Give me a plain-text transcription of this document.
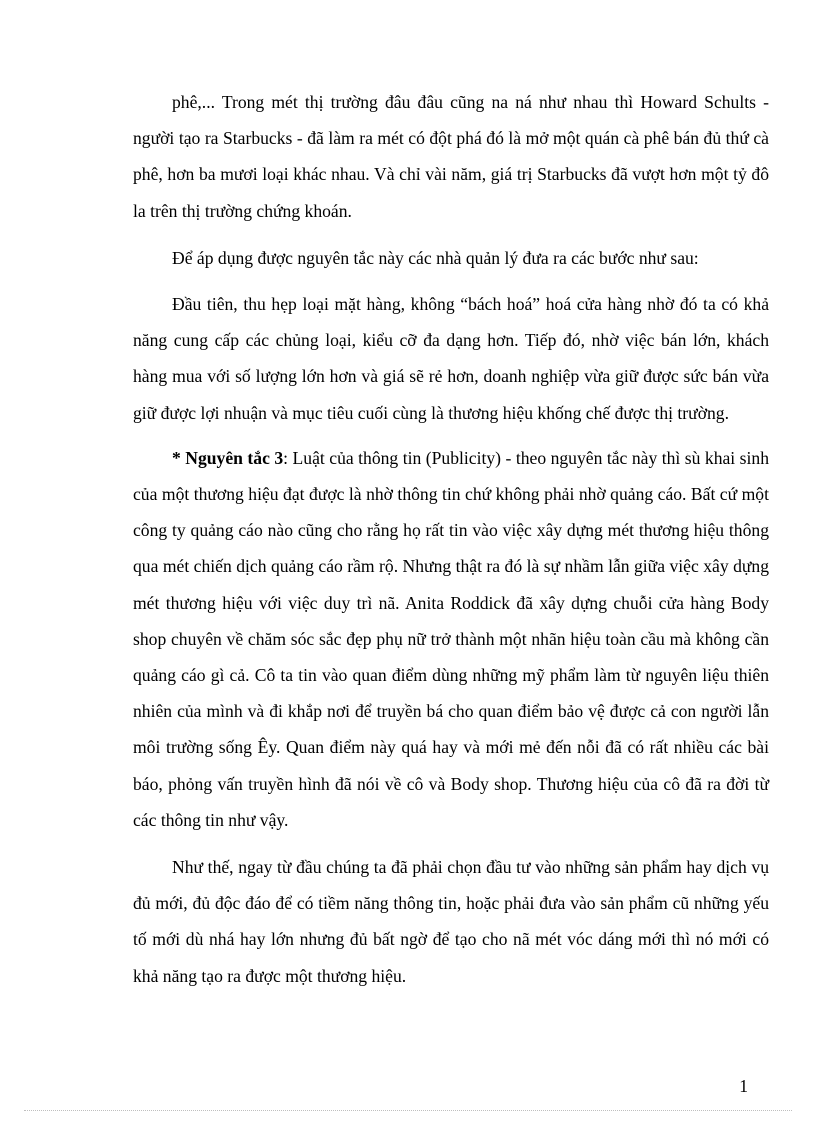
phê,... Trong mét thị trường đâu đâu cũng na ná như nhau thì Howard Schults - người tạo ra Starbucks - đã làm ra mét có đột phá đó là mở một quán cà phê bán đủ thứ cà phê, hơn ba mươi loại khác nhau. Và chỉ vài năm, giá trị Starbucks đã vượt hơn một tỷ đô la trên thị trường chứng khoán.

Để áp dụng được nguyên tắc này các nhà quản lý đưa ra các bước như sau:

Đầu tiên, thu hẹp loại mặt hàng, không “bách hoá” hoá cửa hàng nhờ đó ta có khả năng cung cấp các chủng loại, kiểu cỡ đa dạng hơn. Tiếp đó, nhờ việc bán lớn, khách hàng mua với số lượng lớn hơn và giá sẽ rẻ hơn, doanh nghiệp vừa giữ được sức bán vừa giữ được lợi nhuận và mục tiêu cuối cùng là thương hiệu khống chế được thị trường.

* Nguyên tắc 3: Luật của thông tin (Publicity) - theo nguyên tắc này thì sù khai sinh của một thương hiệu đạt được là nhờ thông tin chứ không phải nhờ quảng cáo. Bất cứ một công ty quảng cáo nào cũng cho rằng họ rất tin vào việc xây dựng mét thương hiệu thông qua mét chiến dịch quảng cáo rầm rộ. Nhưng thật ra đó là sự nhầm lẫn giữa việc xây dựng mét thương hiệu với việc duy trì nã. Anita Roddick đã xây dựng chuỗi cửa hàng Body shop chuyên về chăm sóc sắc đẹp phụ nữ trở thành một nhãn hiệu toàn cầu mà không cần quảng cáo gì cả. Cô ta tin vào quan điểm dùng những mỹ phẩm làm từ nguyên liệu thiên nhiên của mình và đi khắp nơi để truyền bá cho quan điểm bảo vệ được cả con người lẫn môi trường sống Êy. Quan điểm này quá hay và mới mẻ đến nỗi đã có rất nhiều các bài báo, phỏng vấn truyền hình đã nói về cô và Body shop. Thương hiệu của cô đã ra đời từ các thông tin như vậy.

Như thế, ngay từ đầu chúng ta đã phải chọn đầu tư vào những sản phẩm hay dịch vụ đủ mới, đủ độc đáo để có tiềm năng thông tin, hoặc phải đưa vào sản phẩm cũ những yếu tố mới dù nhá hay lớn nhưng đủ bất ngờ để tạo cho nã mét vóc dáng mới thì nó mới có khả năng tạo ra được một thương hiệu.

1
